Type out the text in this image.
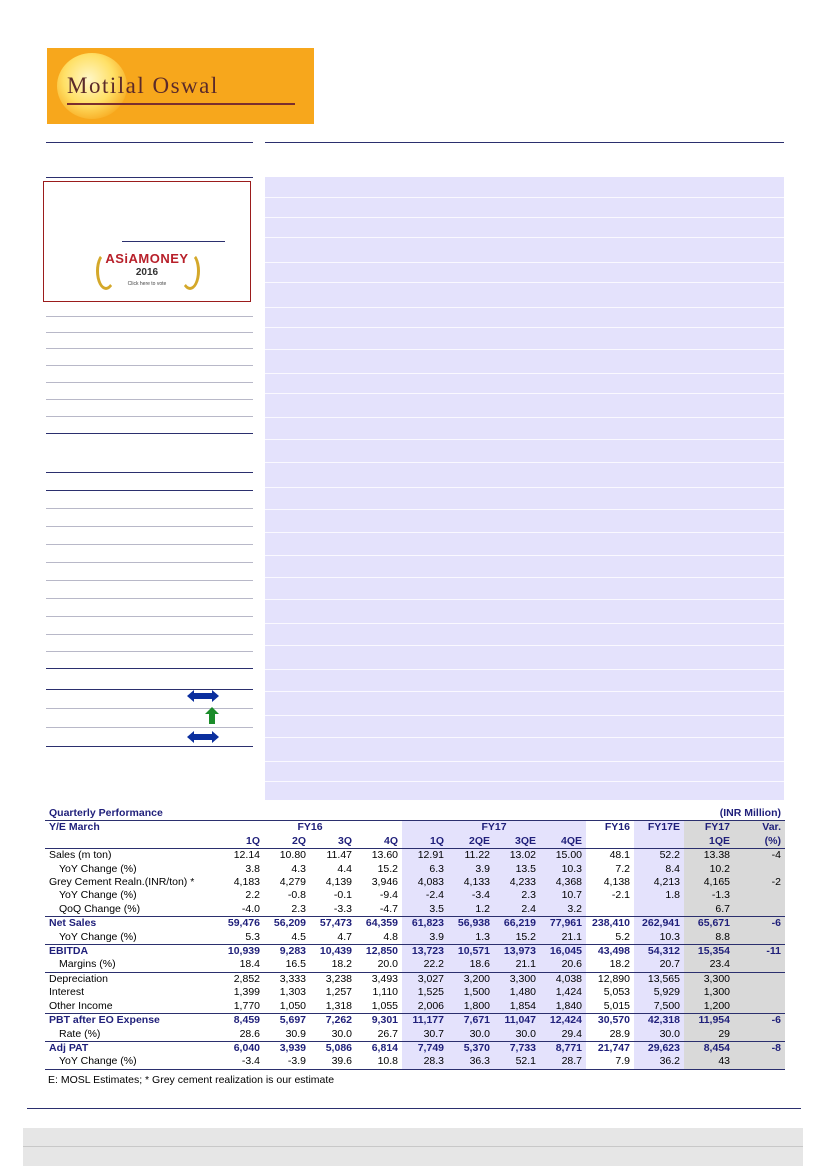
Motilal Oswal
ASiAMONEY
2016
Click here to vote
Quarterly Performance											(INR Million)	
Y/E March	FY16				FY17				FY16	FY17E	FY17	Var.
	1Q	2Q	3Q	4Q	1Q	2QE	3QE	4QE			1QE	(%)
Sales (m ton)	12.14	10.80	11.47	13.60	12.91	11.22	13.02	15.00	48.1	52.2	13.38	-4
YoY Change (%)	3.8	4.3	4.4	15.2	6.3	3.9	13.5	10.3	7.2	8.4	10.2	
Grey Cement Realn.(INR/ton) *	4,183	4,279	4,139	3,946	4,083	4,133	4,233	4,368	4,138	4,213	4,165	-2
YoY Change (%)	2.2	-0.8	-0.1	-9.4	-2.4	-3.4	2.3	10.7	-2.1	1.8	-1.3	
QoQ Change (%)	-4.0	2.3	-3.3	-4.7	3.5	1.2	2.4	3.2			6.7	
Net Sales	59,476	56,209	57,473	64,359	61,823	56,938	66,219	77,961	238,410	262,941	65,671	-6
YoY Change (%)	5.3	4.5	4.7	4.8	3.9	1.3	15.2	21.1	5.2	10.3	8.8	
EBITDA	10,939	9,283	10,439	12,850	13,723	10,571	13,973	16,045	43,498	54,312	15,354	-11
Margins (%)	18.4	16.5	18.2	20.0	22.2	18.6	21.1	20.6	18.2	20.7	23.4	
Depreciation	2,852	3,333	3,238	3,493	3,027	3,200	3,300	4,038	12,890	13,565	3,300	
Interest	1,399	1,303	1,257	1,110	1,525	1,500	1,480	1,424	5,053	5,929	1,300	
Other Income	1,770	1,050	1,318	1,055	2,006	1,800	1,854	1,840	5,015	7,500	1,200	
PBT after EO Expense	8,459	5,697	7,262	9,301	11,177	7,671	11,047	12,424	30,570	42,318	11,954	-6
Rate (%)	28.6	30.9	30.0	26.7	30.7	30.0	30.0	29.4	28.9	30.0	29	
Adj PAT	6,040	3,939	5,086	6,814	7,749	5,370	7,733	8,771	21,747	29,623	8,454	-8
YoY Change (%)	-3.4	-3.9	39.6	10.8	28.3	36.3	52.1	28.7	7.9	36.2	43	
E: MOSL Estimates; * Grey cement realization is our estimate
